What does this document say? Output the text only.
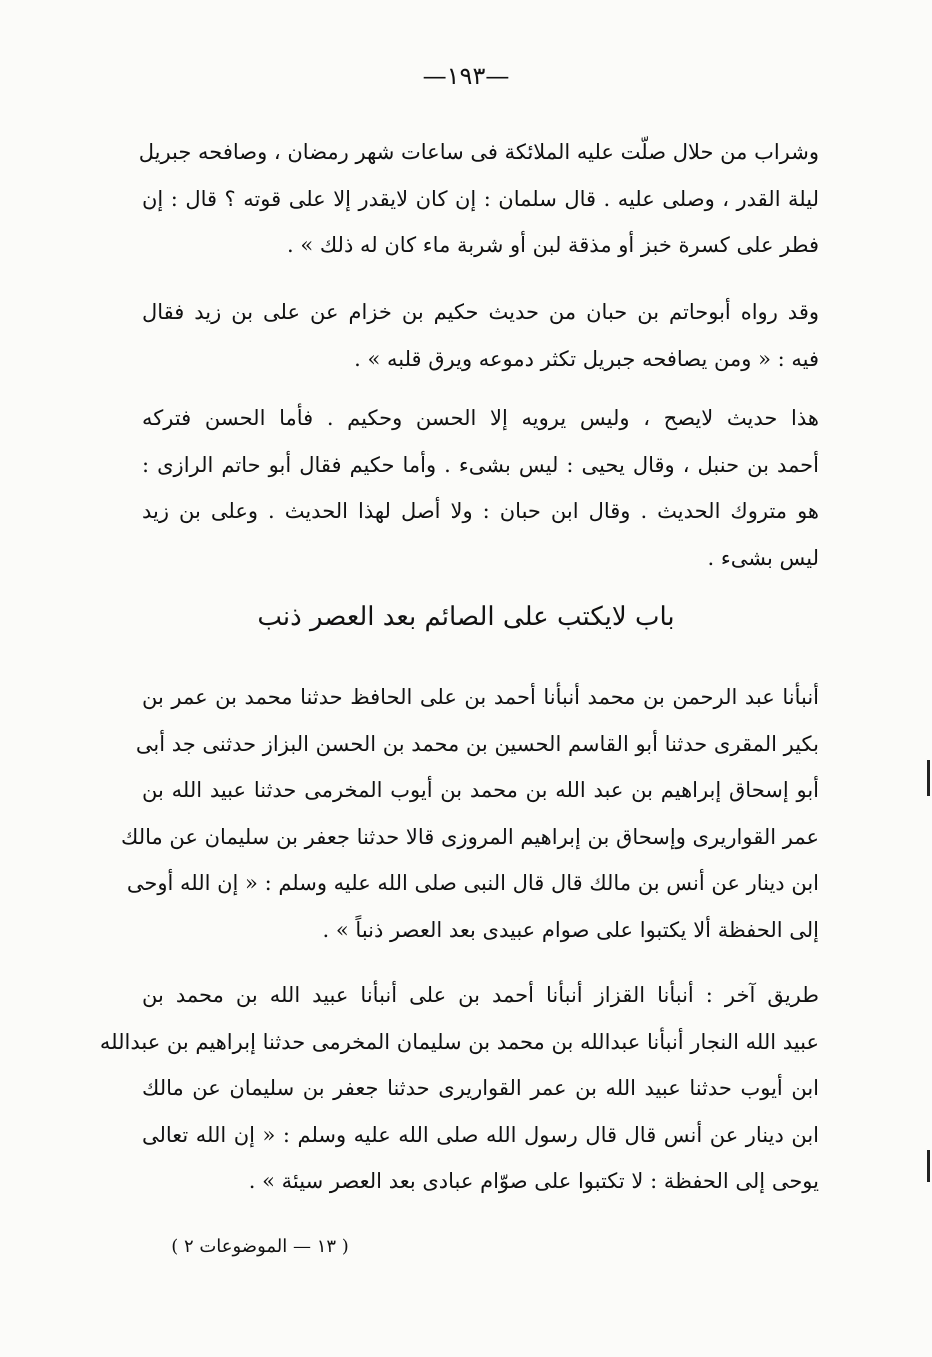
—١٩٣—
وشراب من حلال صلّت عليه الملائكة فى ساعات شهر رمضان ، وصافحه جبريل
ليلة القدر ، وصلى عليه . قال سلمان : إن كان لايقدر إلا على قوته ؟ قال : إن
فطر على كسرة خبز أو مذقة لبن أو شربة ماء كان له ذلك » .
وقد رواه أبوحاتم بن حبان من حديث حكيم بن خزام عن على بن زيد فقال
فيه : « ومن يصافحه جبريل تكثر دموعه ويرق قلبه » .
هذا حديث لايصح ، وليس يرويه إلا الحسن وحكيم . فأما الحسن فتركه
أحمد بن حنبل ، وقال يحيى : ليس بشىء . وأما حكيم فقال أبو حاتم الرازى :
هو متروك الحديث . وقال ابن حبان : ولا أصل لهذا الحديث . وعلى بن زيد
ليس بشىء .
باب لايكتب على الصائم بعد العصر ذنب
أنبأنا عبد الرحمن بن محمد أنبأنا أحمد بن على الحافظ حدثنا محمد بن عمر بن
بكير المقرى حدثنا أبو القاسم الحسين بن محمد بن الحسن البزاز حدثنى جد أبى
أبو إسحاق إبراهيم بن عبد الله بن محمد بن أيوب المخرمى حدثنا عبيد الله بن
عمر القواريرى وإسحاق بن إبراهيم المروزى قالا حدثنا جعفر بن سليمان عن مالك
ابن دينار عن أنس بن مالك قال قال النبى صلى الله عليه وسلم : « إن الله أوحى
إلى الحفظة ألا يكتبوا على صوام عبيدى بعد العصر ذنباً » .
طريق آخر : أنبأنا القزاز أنبأنا أحمد بن على أنبأنا عبيد الله بن محمد بن
عبيد الله النجار أنبأنا عبدالله بن محمد بن سليمان المخرمى حدثنا إبراهيم بن عبدالله
ابن أيوب حدثنا عبيد الله بن عمر القواريرى حدثنا جعفر بن سليمان عن مالك
ابن دينار عن أنس قال قال رسول الله صلى الله عليه وسلم : « إن الله تعالى
يوحى إلى الحفظة : لا تكتبوا على صوّام عبادى بعد العصر سيئة » .
( ١٣ — الموضوعات ٢ )
